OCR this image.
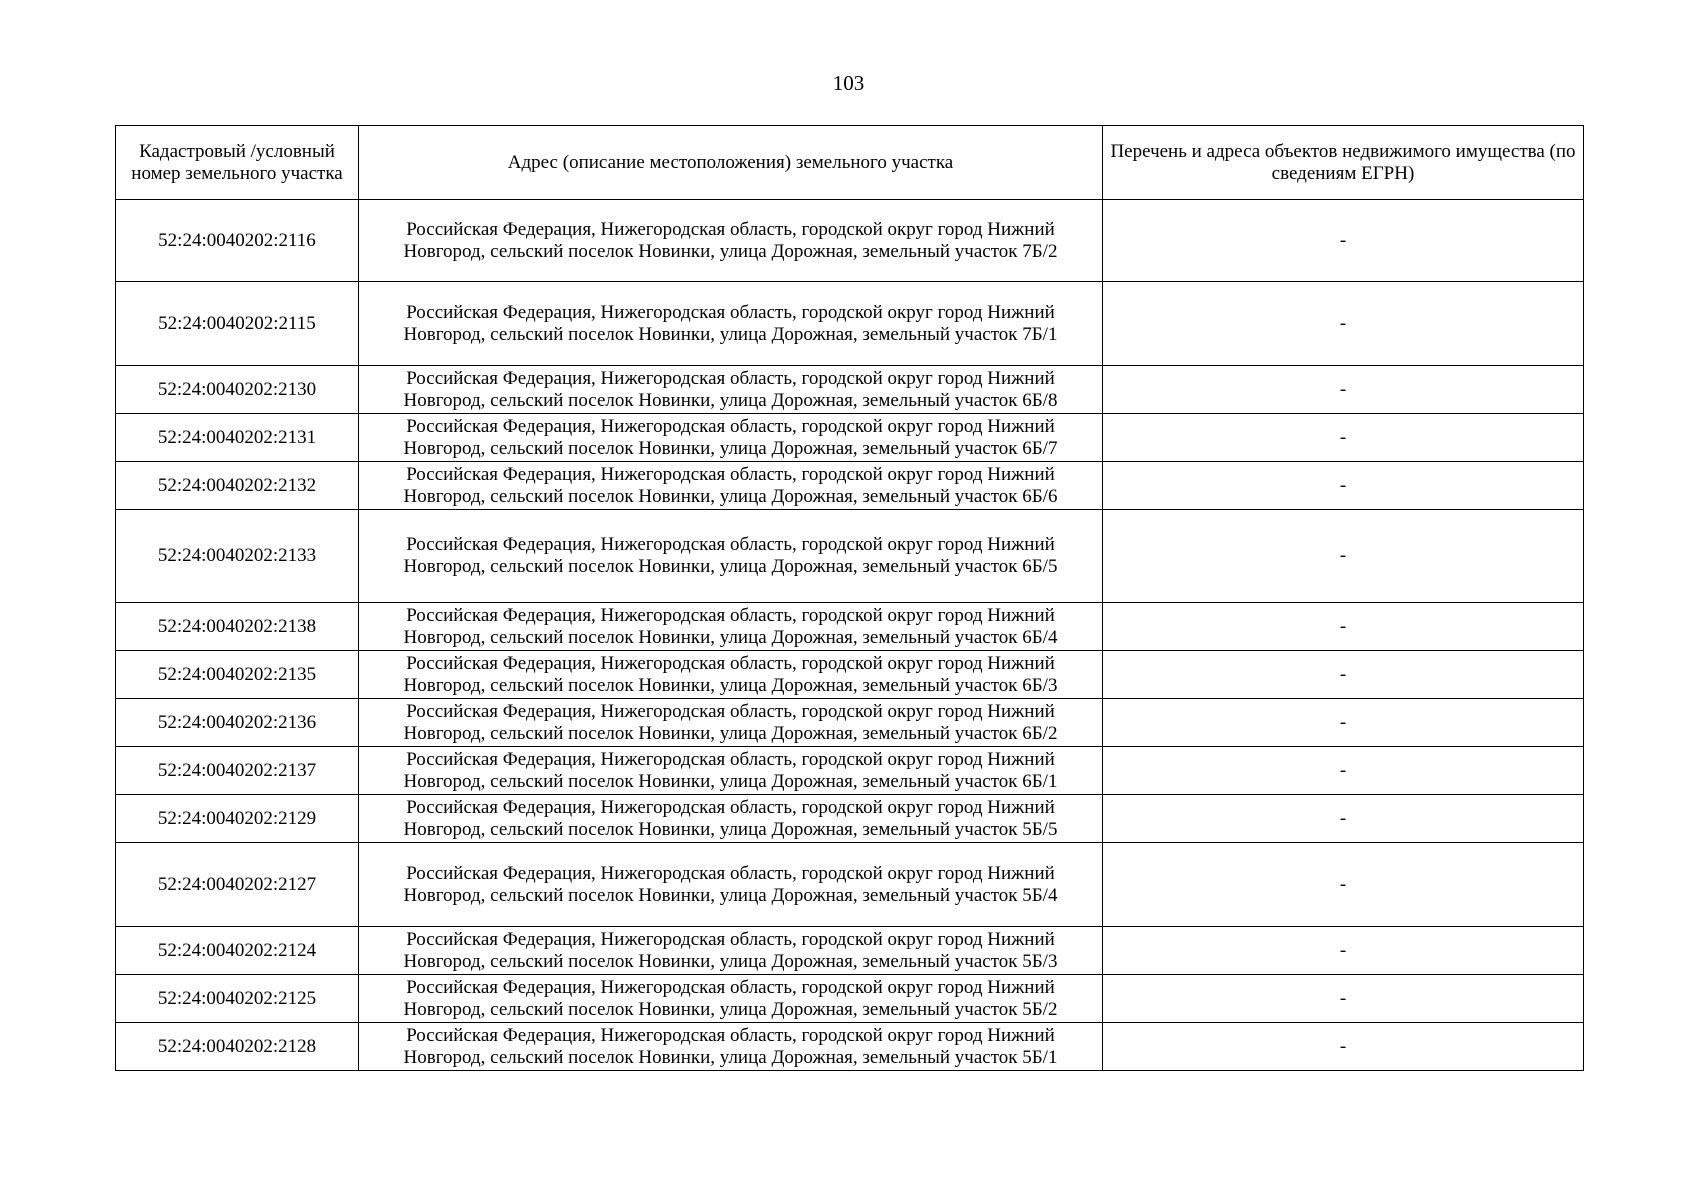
103
Кадастровый /условный номер земельного участка	Адрес (описание местоположения) земельного участка	Перечень и адреса объектов недвижимого имущества (по сведениям ЕГРН)
52:24:0040202:2116	Российская Федерация, Нижегородская область, городской округ город Нижний
Новгород, сельский поселок Новинки, улица Дорожная, земельный участок 7Б/2	-
52:24:0040202:2115	Российская Федерация, Нижегородская область, городской округ город Нижний
Новгород, сельский поселок Новинки, улица Дорожная, земельный участок 7Б/1	-
52:24:0040202:2130	Российская Федерация, Нижегородская область, городской округ город Нижний
Новгород, сельский поселок Новинки, улица Дорожная, земельный участок 6Б/8	-
52:24:0040202:2131	Российская Федерация, Нижегородская область, городской округ город Нижний
Новгород, сельский поселок Новинки, улица Дорожная, земельный участок 6Б/7	-
52:24:0040202:2132	Российская Федерация, Нижегородская область, городской округ город Нижний
Новгород, сельский поселок Новинки, улица Дорожная, земельный участок 6Б/6	-
52:24:0040202:2133	Российская Федерация, Нижегородская область, городской округ город Нижний
Новгород, сельский поселок Новинки, улица Дорожная, земельный участок 6Б/5	-
52:24:0040202:2138	Российская Федерация, Нижегородская область, городской округ город Нижний
Новгород, сельский поселок Новинки, улица Дорожная, земельный участок 6Б/4	-
52:24:0040202:2135	Российская Федерация, Нижегородская область, городской округ город Нижний
Новгород, сельский поселок Новинки, улица Дорожная, земельный участок 6Б/3	-
52:24:0040202:2136	Российская Федерация, Нижегородская область, городской округ город Нижний
Новгород, сельский поселок Новинки, улица Дорожная, земельный участок 6Б/2	-
52:24:0040202:2137	Российская Федерация, Нижегородская область, городской округ город Нижний
Новгород, сельский поселок Новинки, улица Дорожная, земельный участок 6Б/1	-
52:24:0040202:2129	Российская Федерация, Нижегородская область, городской округ город Нижний
Новгород, сельский поселок Новинки, улица Дорожная, земельный участок 5Б/5	-
52:24:0040202:2127	Российская Федерация, Нижегородская область, городской округ город Нижний
Новгород, сельский поселок Новинки, улица Дорожная, земельный участок 5Б/4	-
52:24:0040202:2124	Российская Федерация, Нижегородская область, городской округ город Нижний
Новгород, сельский поселок Новинки, улица Дорожная, земельный участок 5Б/3	-
52:24:0040202:2125	Российская Федерация, Нижегородская область, городской округ город Нижний
Новгород, сельский поселок Новинки, улица Дорожная, земельный участок 5Б/2	-
52:24:0040202:2128	Российская Федерация, Нижегородская область, городской округ город Нижний
Новгород, сельский поселок Новинки, улица Дорожная, земельный участок 5Б/1	-
